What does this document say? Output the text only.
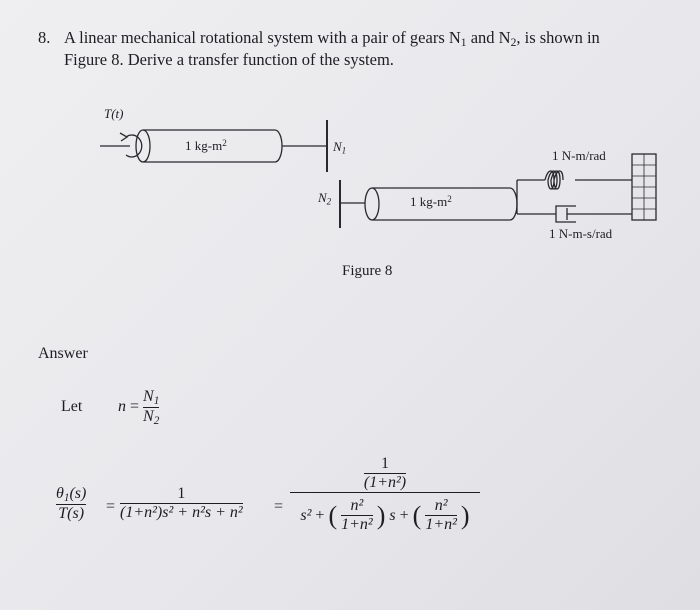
8. A linear mechanical rotational system with a pair of gears $N_1$ and $N_2$, is shown in
Figure 8. Derive a transfer function of the system.
T(t)
1 $kg-m^2$	$N_1$
$N_2$	1 $kg-m^2$
1 N-m/rad
1 N-m-s/rad
Figure 8
Answer
Let $n = \frac{N_1}{N_2}$
$\theta_1(s)$
T(s) =
1
(1+n²)s² + n²s + n² =
$\frac{1}{\text{(1+n²)}}$
s² + ( $\frac{\text{n²}}{\text{1+n²}}$ ) s + ( $\frac{\text{n²}}{\text{1+n²}}$ )
